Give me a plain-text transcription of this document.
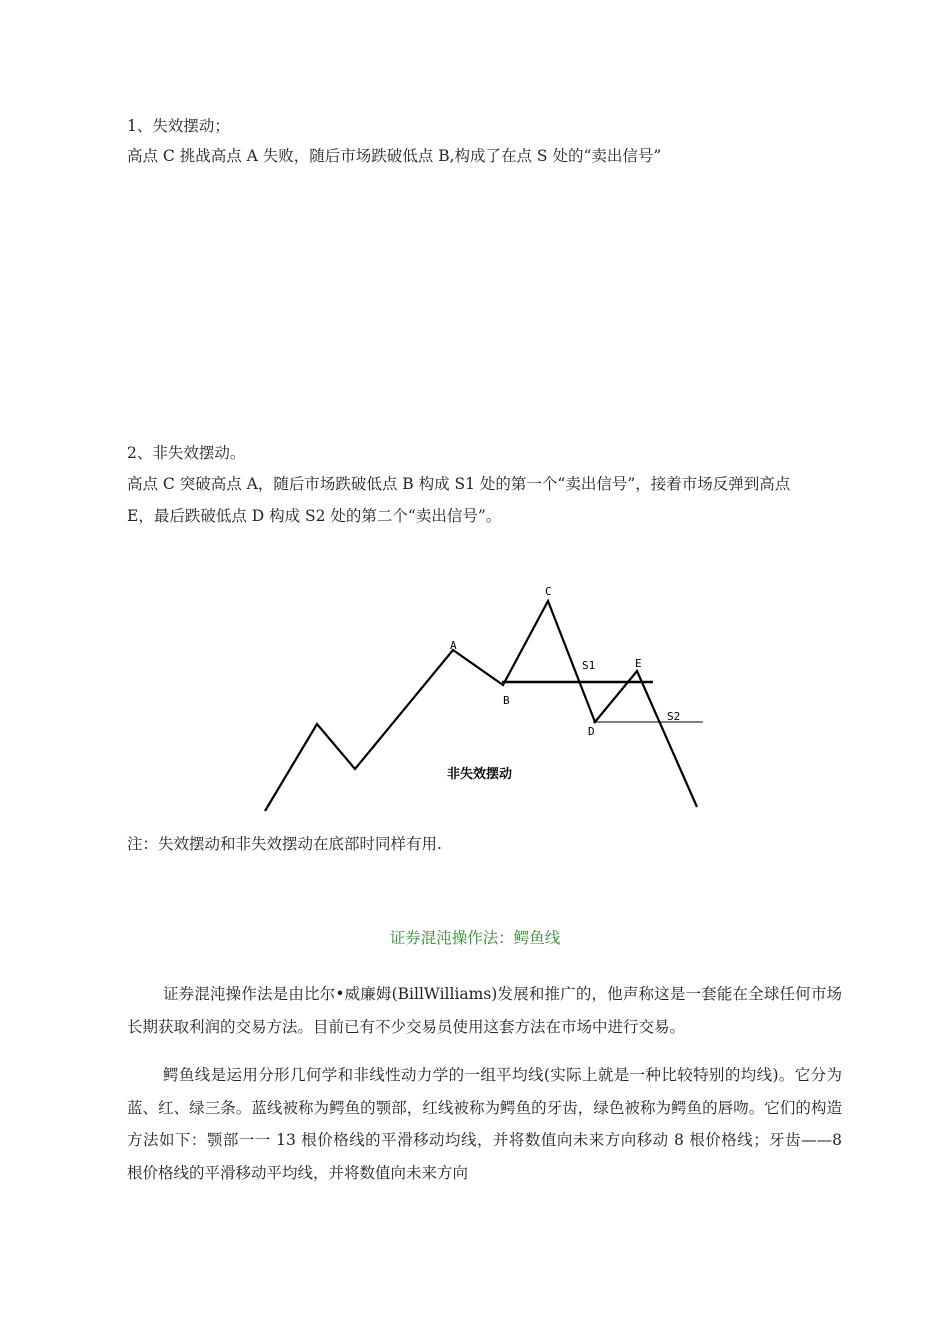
1、失效摆动；
高点 C 挑战高点 A 失败，随后市场跌破低点 B,构成了在点 S 处的“卖出信号”
2、非失效摆动。
高点 C 突破高点 A，随后市场跌破低点 B 构成 S1 处的第一个“卖出信号”，接着市场反弹到高点
E，最后跌破低点 D 构成 S2 处的第二个“卖出信号”。
A
B
C
D
E
S1
S2
非失效摆动
注：失效摆动和非失效摆动在底部时同样有用.
证券混沌操作法：鳄鱼线

证券混沌操作法是由比尔•威廉姆(BillWilliams)发展和推广的，他声称这是一套能在全球任何市场长期获取利润的交易方法。目前已有不少交易员使用这套方法在市场中进行交易。

鳄鱼线是运用分形几何学和非线性动力学的一组平均线(实际上就是一种比较特别的均线)。它分为蓝、红、绿三条。蓝线被称为鳄鱼的颚部，红线被称为鳄鱼的牙齿，绿色被称为鳄鱼的唇吻。它们的构造方法如下：颚部一一 13 根价格线的平滑移动均线，并将数值向未来方向移动 8 根价格线；牙齿——8 根价格线的平滑移动平均线，并将数值向未来方向
